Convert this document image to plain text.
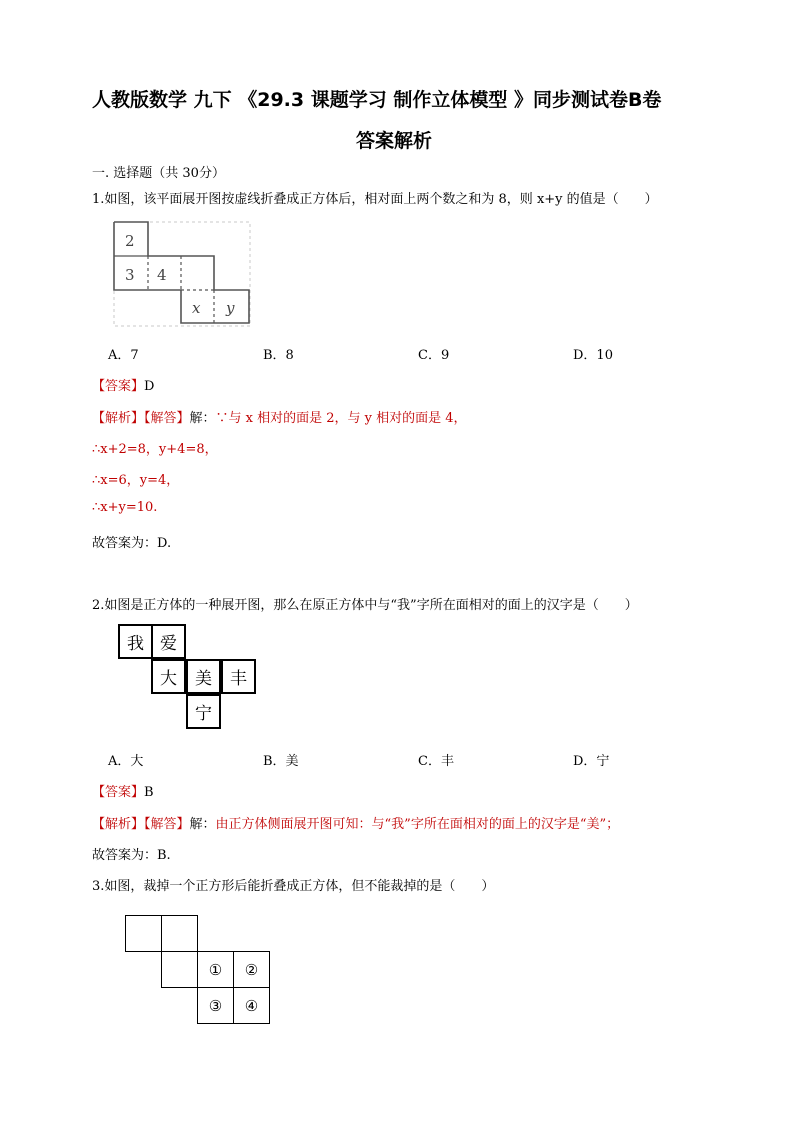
人教版数学 九下 《29.3 课题学习 制作立体模型 》同步测试卷B卷
答案解析
一. 选择题（共 30分）
1.如图，该平面展开图按虚线折叠成正方体后，相对面上两个数之和为 8，则 x+y 的值是（　　）
2
3 4
x y
A．7	B．8	C．9	D．10
【答案】D
【解析】【解答】解：∵与 x 相对的面是 2，与 y 相对的面是 4，
∴x+2=8，y+4=8，
∴x=6，y=4，
∴x+y=10.
故答案为：D.
2.如图是正方体的一种展开图，那么在原正方体中与“我”字所在面相对的面上的汉字是（　　）
我 爱
大	美	丰
宁
A．大	B．美	C．丰	D．宁
【答案】B
【解析】【解答】解：由正方体侧面展开图可知：与“我”字所在面相对的面上的汉字是“美”；
故答案为：B.
3.如图，裁掉一个正方形后能折叠成正方体，但不能裁掉的是（　　）
①	②
③	④
